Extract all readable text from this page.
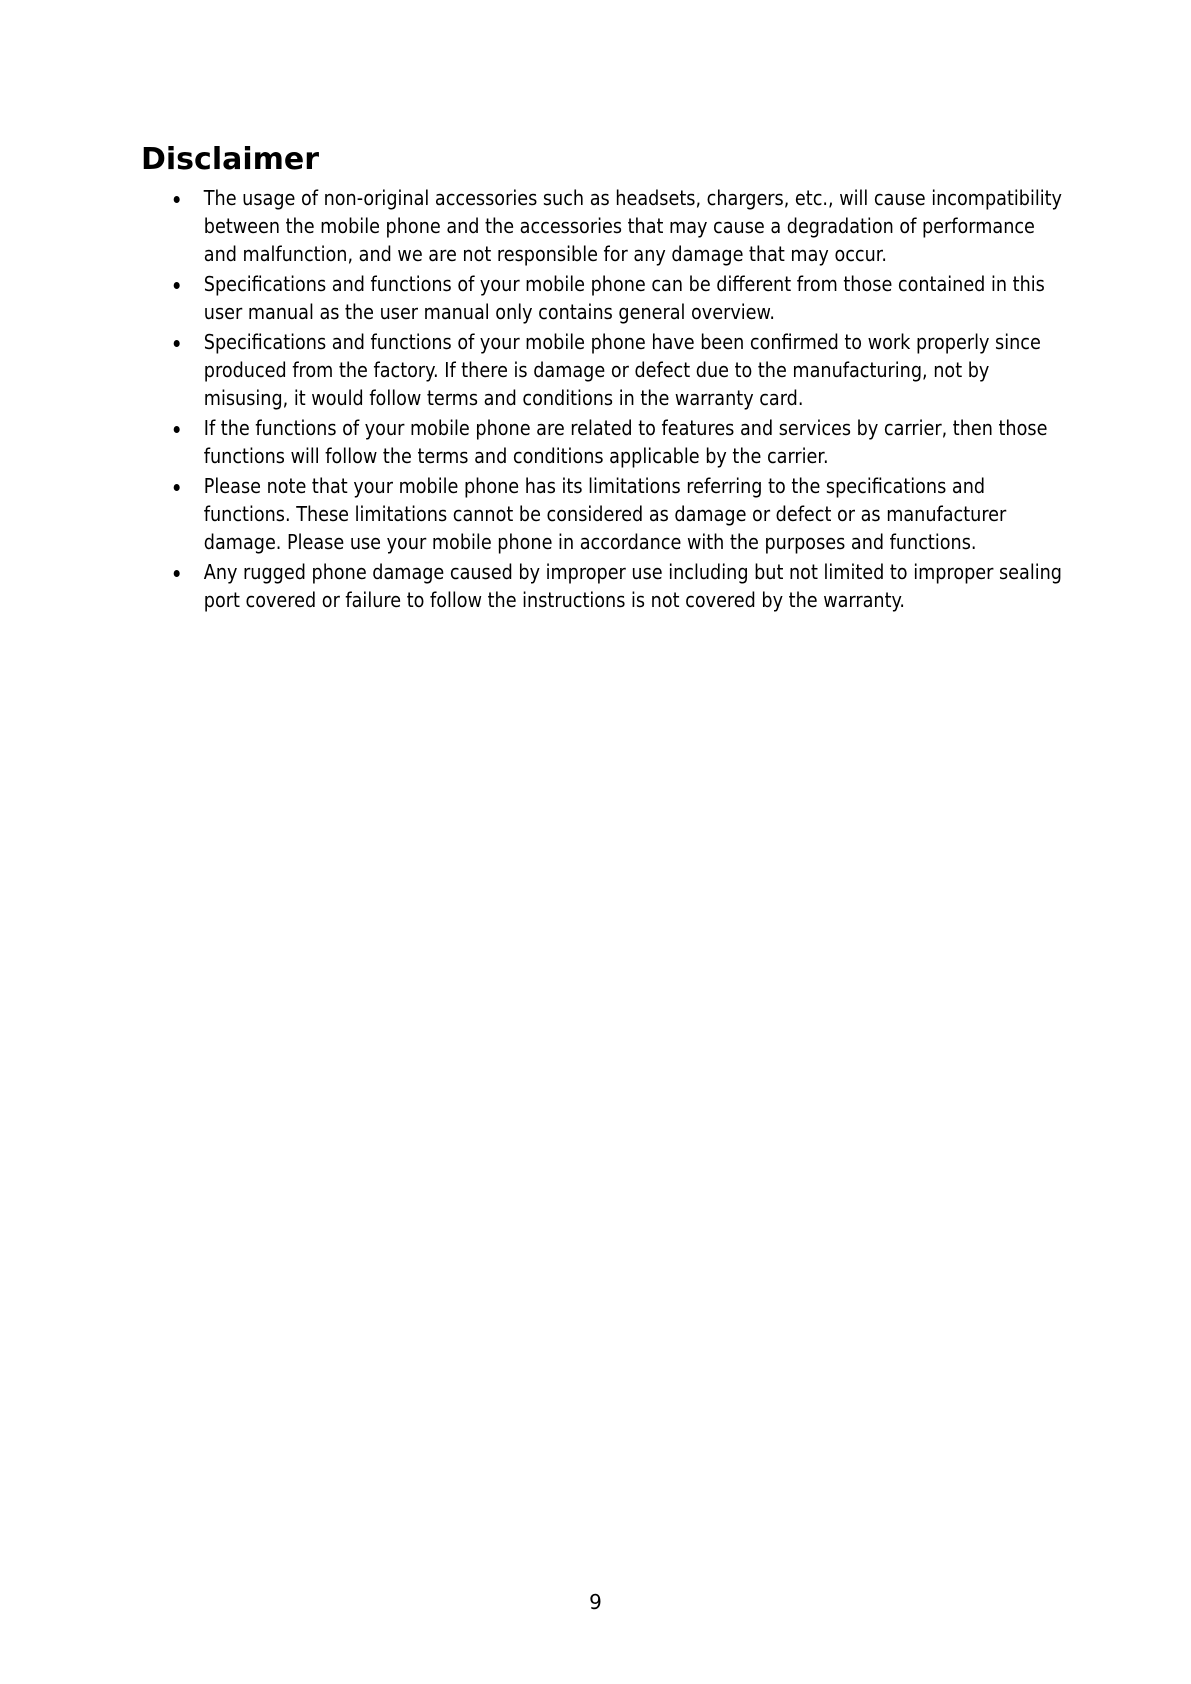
Disclaimer
The usage of non-original accessories such as headsets, chargers, etc., will cause incompatibility between the mobile phone and the accessories that may cause a degradation of performance and malfunction, and we are not responsible for any damage that may occur.
Specifications and functions of your mobile phone can be different from those contained in this user manual as the user manual only contains general overview.
Specifications and functions of your mobile phone have been confirmed to work properly since produced from the factory. If there is damage or defect due to the manufacturing, not by misusing, it would follow terms and conditions in the warranty card.
If the functions of your mobile phone are related to features and services by carrier, then those functions will follow the terms and conditions applicable by the carrier.
Please note that your mobile phone has its limitations referring to the specifications and functions. These limitations cannot be considered as damage or defect or as manufacturer damage. Please use your mobile phone in accordance with the purposes and functions.
Any rugged phone damage caused by improper use including but not limited to improper sealing port covered or failure to follow the instructions is not covered by the warranty.
9
